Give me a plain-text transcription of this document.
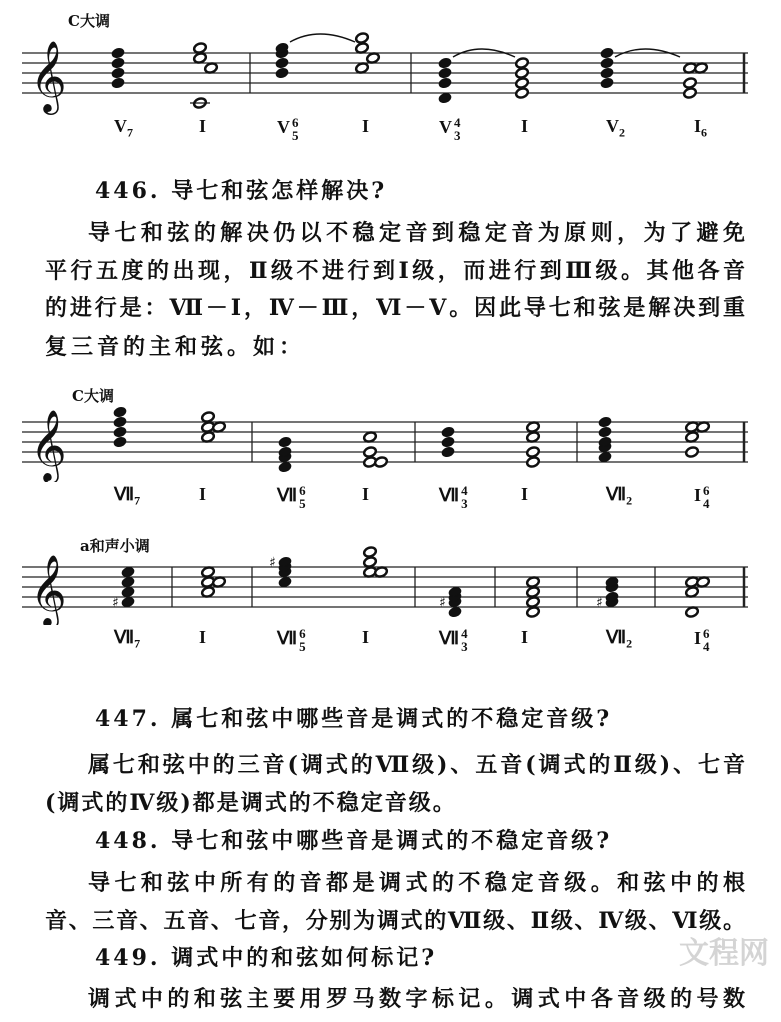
C大调
𝄞
$V_7$	I	V 6
5	I	V 4
3	I	$V_2$	$I_6$
446. 导七和弦怎样解决?
导七和弦的解决仍以不稳定音到稳定音为原则，为了避免
平行五度的出现，Ⅱ级不进行到Ⅰ级，而进行到Ⅲ级。其他各音
的进行是：Ⅶ－Ⅰ，Ⅳ－Ⅲ，Ⅵ－Ⅴ。因此导七和弦是解决到重
复三音的主和弦。如：
C大调
𝄞
$Ⅶ_7$	I	Ⅶ 6
5	I	Ⅶ 4
3	I	$Ⅶ_2$	I 6
4
a和声小调
𝄞	♯
♯
♯	♯
$Ⅶ_7$	I	Ⅶ 6
5	I	Ⅶ 4
3	I	$Ⅶ_2$	I 6
4
447. 属七和弦中哪些音是调式的不稳定音级?
属七和弦中的三音(调式的Ⅶ级)、五音(调式的Ⅱ级)、七音
(调式的Ⅳ级)都是调式的不稳定音级。
448. 导七和弦中哪些音是调式的不稳定音级?
导七和弦中所有的音都是调式的不稳定音级。和弦中的根
音、三音、五音、七音，分别为调式的Ⅶ级、Ⅱ级、Ⅳ级、Ⅵ级。
449. 调式中的和弦如何标记?
调式中的和弦主要用罗马数字标记。调式中各音级的号数
文程网
